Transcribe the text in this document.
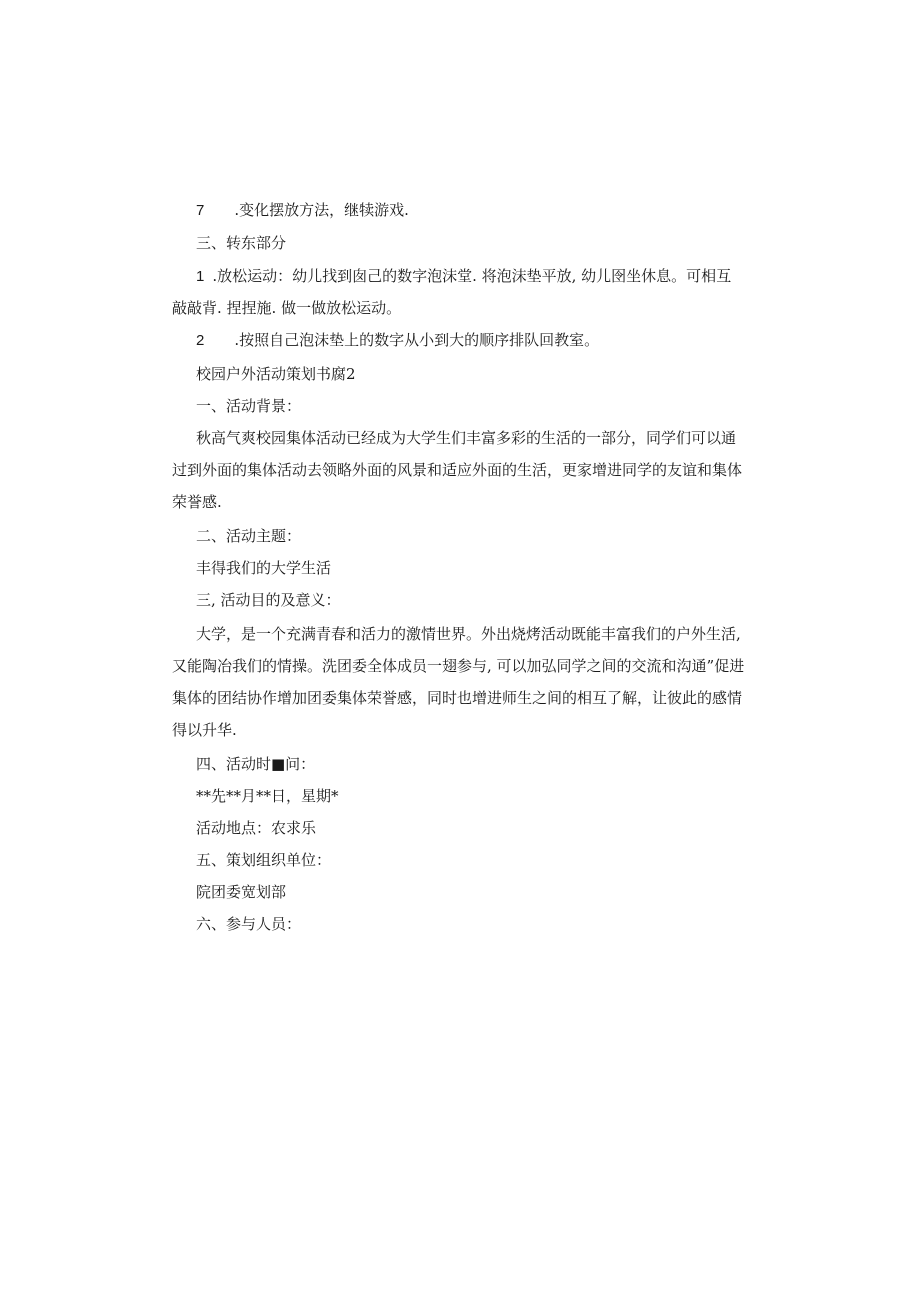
7 .变化摆放方法，继犊游戏.
三、转东部分
1 .放松运动：幼儿找到囱己的数字泡沫堂. 将泡沫垫平放, 幼儿囹坐休息。可相互
敲敲背. 捏捏施. 做一做放松运动。
2 .按照自己泡沫垫上的数字从小到大的顺序排队回教室。
校园户外活动策划书腐2
一、活动背景：
秋高气爽校园集体活动已经成为大学生们丰富多彩的生活的一部分，同学们可以通
过到外面的集体活动去领略外面的风景和适应外面的生活，更家增进同学的友谊和集体
荣誉感.
二、活动主题：
丰得我们的大学生活
三, 活动目的及意义：
大学，是一个充满青春和活力的激情世界。外出烧烤活动既能丰富我们的户外生活,
又能陶冶我们的情操。洗团委全体成员一翅参与, 可以加弘同学之间的交流和沟通”促进
集体的团结协作增加团委集体荣誉感，同时也增进师生之间的相互了解，让彼此的感情
得以升华.
四、活动时■问：
**先**月**日，星期*
活动地点：农求乐
五、策划组织单位：
院团委宽划部
六、参与人员：
